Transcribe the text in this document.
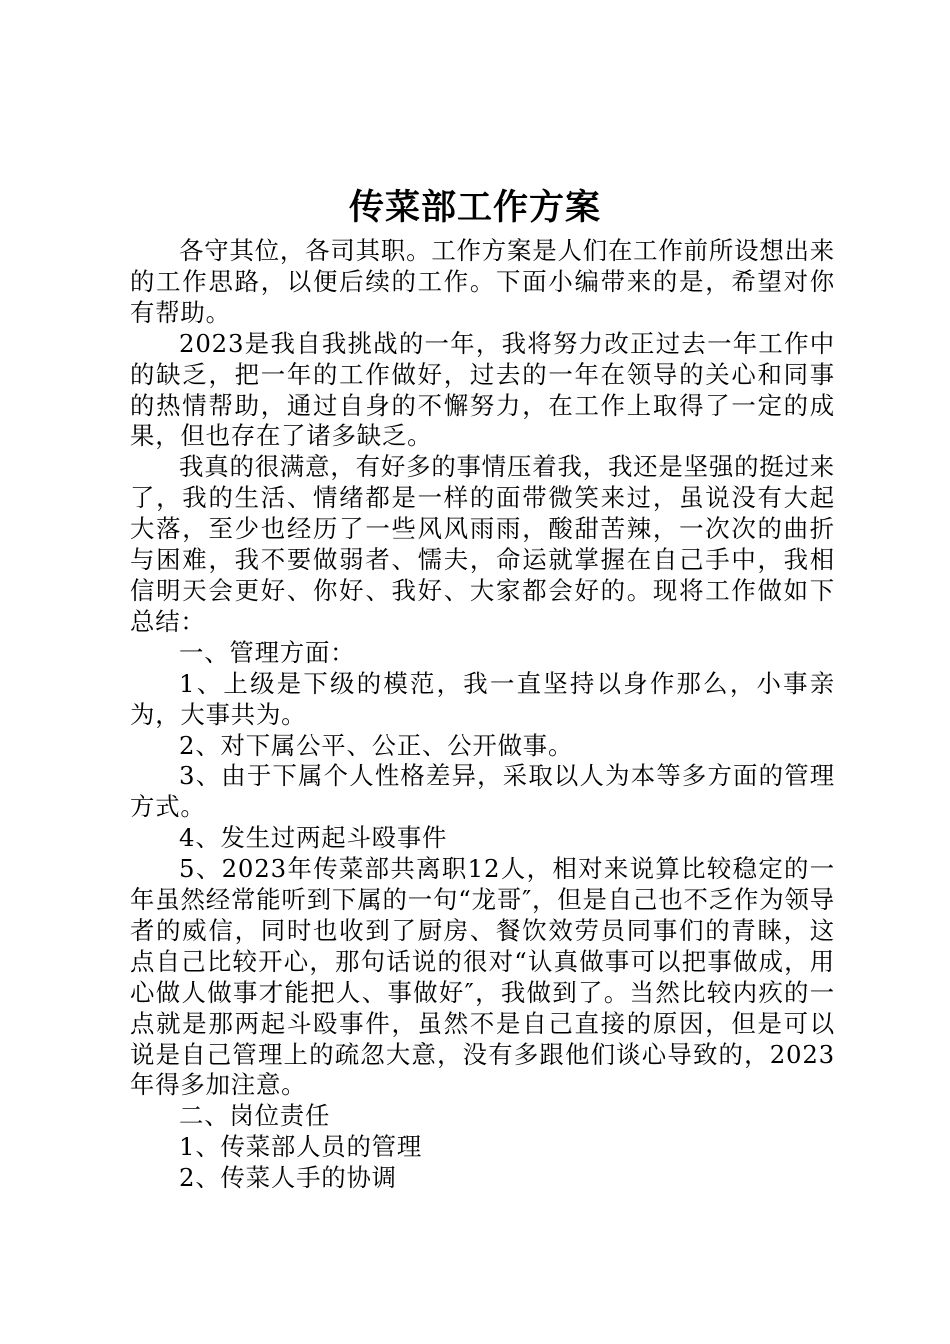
传菜部工作方案

各守其位，各司其职。工作方案是人们在工作前所设想出来的工作思路，以便后续的工作。下面小编带来的是，希望对你有帮助。

2023是我自我挑战的一年，我将努力改正过去一年工作中的缺乏，把一年的工作做好，过去的一年在领导的关心和同事的热情帮助，通过自身的不懈努力，在工作上取得了一定的成果，但也存在了诸多缺乏。

我真的很满意，有好多的事情压着我，我还是坚强的挺过来了，我的生活、情绪都是一样的面带微笑来过，虽说没有大起大落，至少也经历了一些风风雨雨，酸甜苦辣，一次次的曲折与困难，我不要做弱者、懦夫，命运就掌握在自己手中，我相信明天会更好、你好、我好、大家都会好的。现将工作做如下总结：

一、管理方面：

1、上级是下级的模范，我一直坚持以身作那么，小事亲为，大事共为。

2、对下属公平、公正、公开做事。

3、由于下属个人性格差异，采取以人为本等多方面的管理方式。

4、发生过两起斗殴事件

5、2023年传菜部共离职12人，相对来说算比较稳定的一年虽然经常能听到下属的一句“龙哥″，但是自己也不乏作为领导者的威信，同时也收到了厨房、餐饮效劳员同事们的青睐，这点自己比较开心，那句话说的很对“认真做事可以把事做成，用心做人做事才能把人、事做好″，我做到了。当然比较内疚的一点就是那两起斗殴事件，虽然不是自己直接的原因，但是可以说是自己管理上的疏忽大意，没有多跟他们谈心导致的，2023年得多加注意。

二、岗位责任

1、传菜部人员的管理

2、传菜人手的协调
